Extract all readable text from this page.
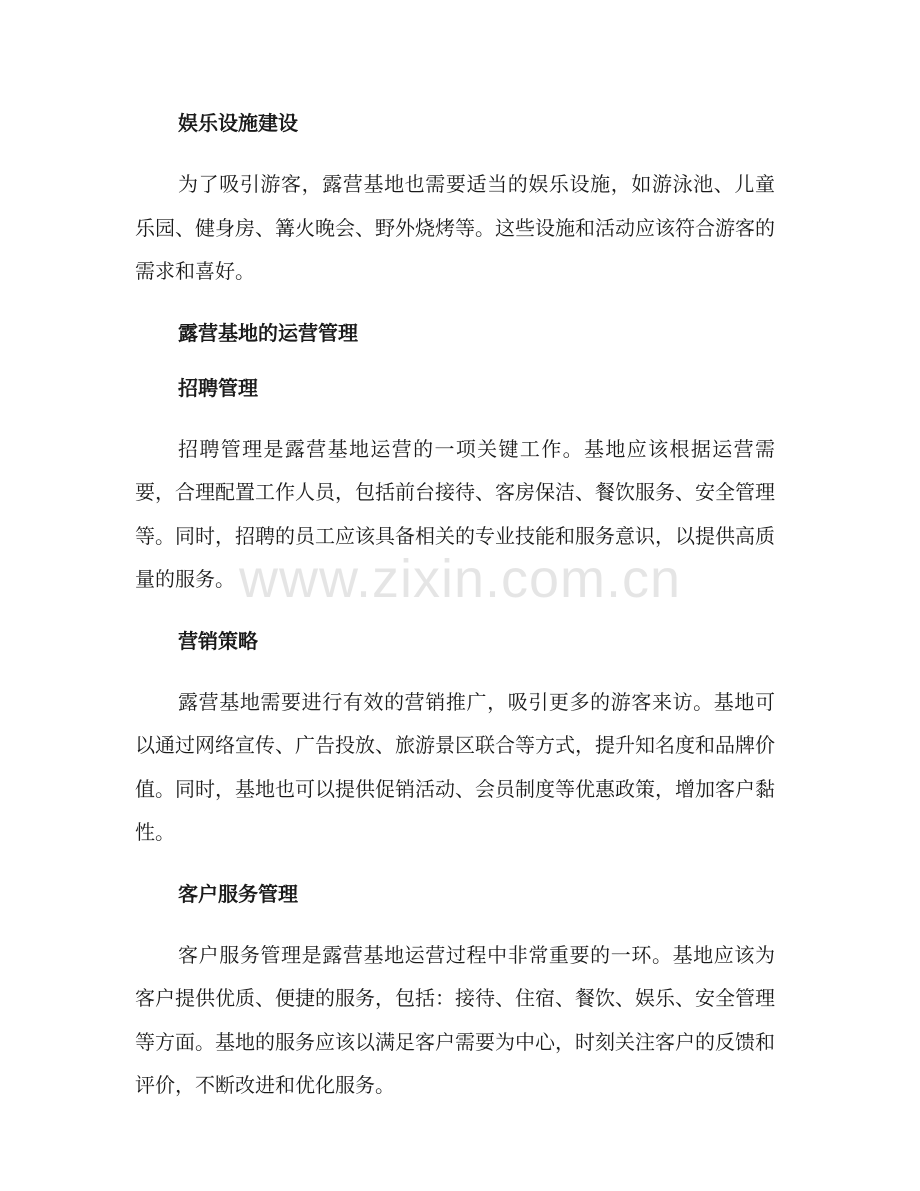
娱乐设施建设

为了吸引游客，露营基地也需要适当的娱乐设施，如游泳池、儿童乐园、健身房、篝火晚会、野外烧烤等。这些设施和活动应该符合游客的需求和喜好。

露营基地的运营管理
招聘管理

招聘管理是露营基地运营的一项关键工作。基地应该根据运营需要，合理配置工作人员，包括前台接待、客房保洁、餐饮服务、安全管理等。同时，招聘的员工应该具备相关的专业技能和服务意识，以提供高质量的服务。

营销策略

露营基地需要进行有效的营销推广，吸引更多的游客来访。基地可以通过网络宣传、广告投放、旅游景区联合等方式，提升知名度和品牌价值。同时，基地也可以提供促销活动、会员制度等优惠政策，增加客户黏性。

客户服务管理

客户服务管理是露营基地运营过程中非常重要的一环。基地应该为客户提供优质、便捷的服务，包括：接待、住宿、餐饮、娱乐、安全管理等方面。基地的服务应该以满足客户需要为中心，时刻关注客户的反馈和评价，不断改进和优化服务。

www.zixin.com.cn
